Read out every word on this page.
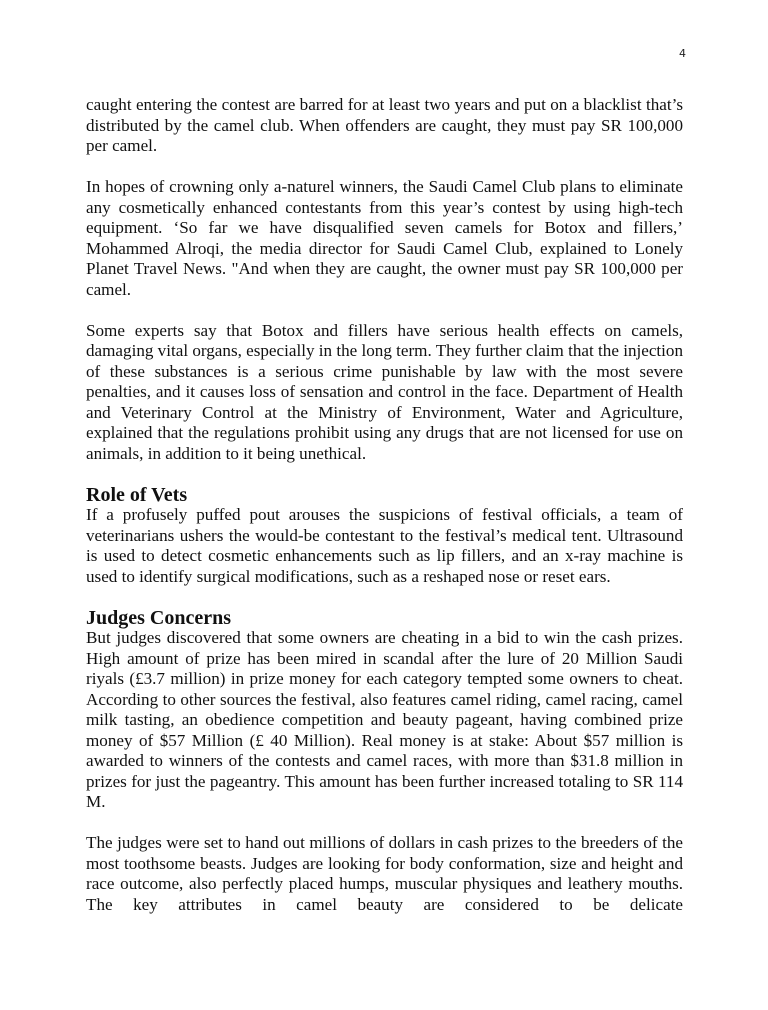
4

caught entering the contest are barred for at least two years and put on a blacklist that’s distributed by the camel club. When offenders are caught, they must pay SR 100,000 per camel.

In hopes of crowning only a-naturel winners, the Saudi Camel Club plans to eliminate any cosmetically enhanced contestants from this year’s contest by using high-tech equipment. ‘So far we have disqualified seven camels for Botox and fillers,’ Mohammed Alroqi, the media director for Saudi Camel Club, explained to Lonely Planet Travel News. "And when they are caught, the owner must pay SR 100,000 per camel.

Some experts say that Botox and fillers have serious health effects on camels, damaging vital organs, especially in the long term. They further claim that the injection of these substances is a serious crime punishable by law with the most severe penalties, and it causes loss of sensation and control in the face. Department of Health and Veterinary Control at the Ministry of Environment, Water and Agriculture, explained that the regulations prohibit using any drugs that are not licensed for use on animals, in addition to it being unethical.

Role of Vets

If a profusely puffed pout arouses the suspicions of festival officials, a team of veterinarians ushers the would-be contestant to the festival’s medical tent. Ultrasound is used to detect cosmetic enhancements such as lip fillers, and an x-ray machine is used to identify surgical modifications, such as a reshaped nose or reset ears.

Judges Concerns

But judges discovered that some owners are cheating in a bid to win the cash prizes. High amount of prize has been mired in scandal after the lure of 20 Million Saudi riyals (£3.7 million) in prize money for each category tempted some owners to cheat. According to other sources the festival, also features camel riding, camel racing, camel milk tasting, an obedience competition and beauty pageant, having combined prize money of $57 Million (£ 40 Million). Real money is at stake: About $57 million is awarded to winners of the contests and camel races, with more than $31.8 million in prizes for just the pageantry. This amount has been further increased totaling to SR 114 M.

The judges were set to hand out millions of dollars in cash prizes to the breeders of the most toothsome beasts. Judges are looking for body conformation, size and height and race outcome, also perfectly placed humps, muscular physiques and leathery mouths. The key attributes in camel beauty are considered to be delicate
